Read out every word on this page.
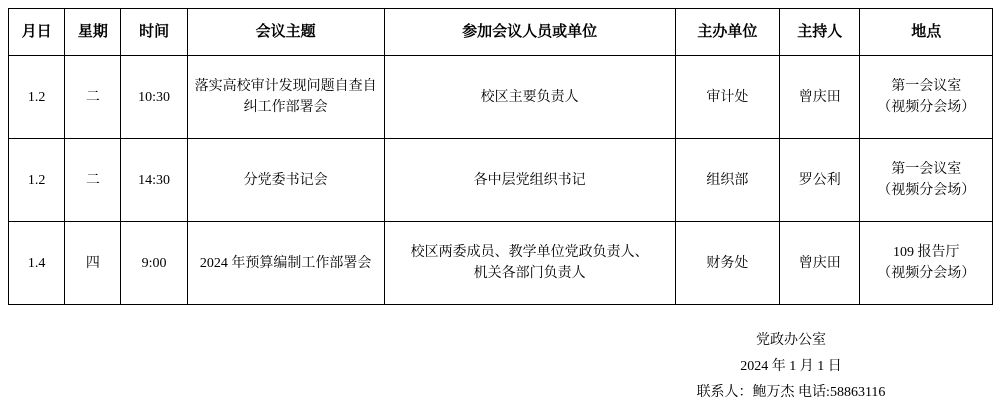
月日	星期	时间	会议主题	参加会议人员或单位	主办单位	主持人	地点
1.2	二	10:30	落实高校审计发现问题自查自
纠工作部署会	校区主要负责人	审计处	曾庆田	第一会议室
（视频分会场）

1.2	二	14:30	分党委书记会	各中层党组织书记	组织部	罗公利	第一会议室
（视频分会场）

1.4	四	9:00	2024 年预算编制工作部署会	校区两委成员、教学单位党政负责人、
机关各部门负责人	财务处	曾庆田	109 报告厅
（视频分会场）
党政办公室
2024 年 1 月 1 日
联系人：鲍万杰 电话:58863116
